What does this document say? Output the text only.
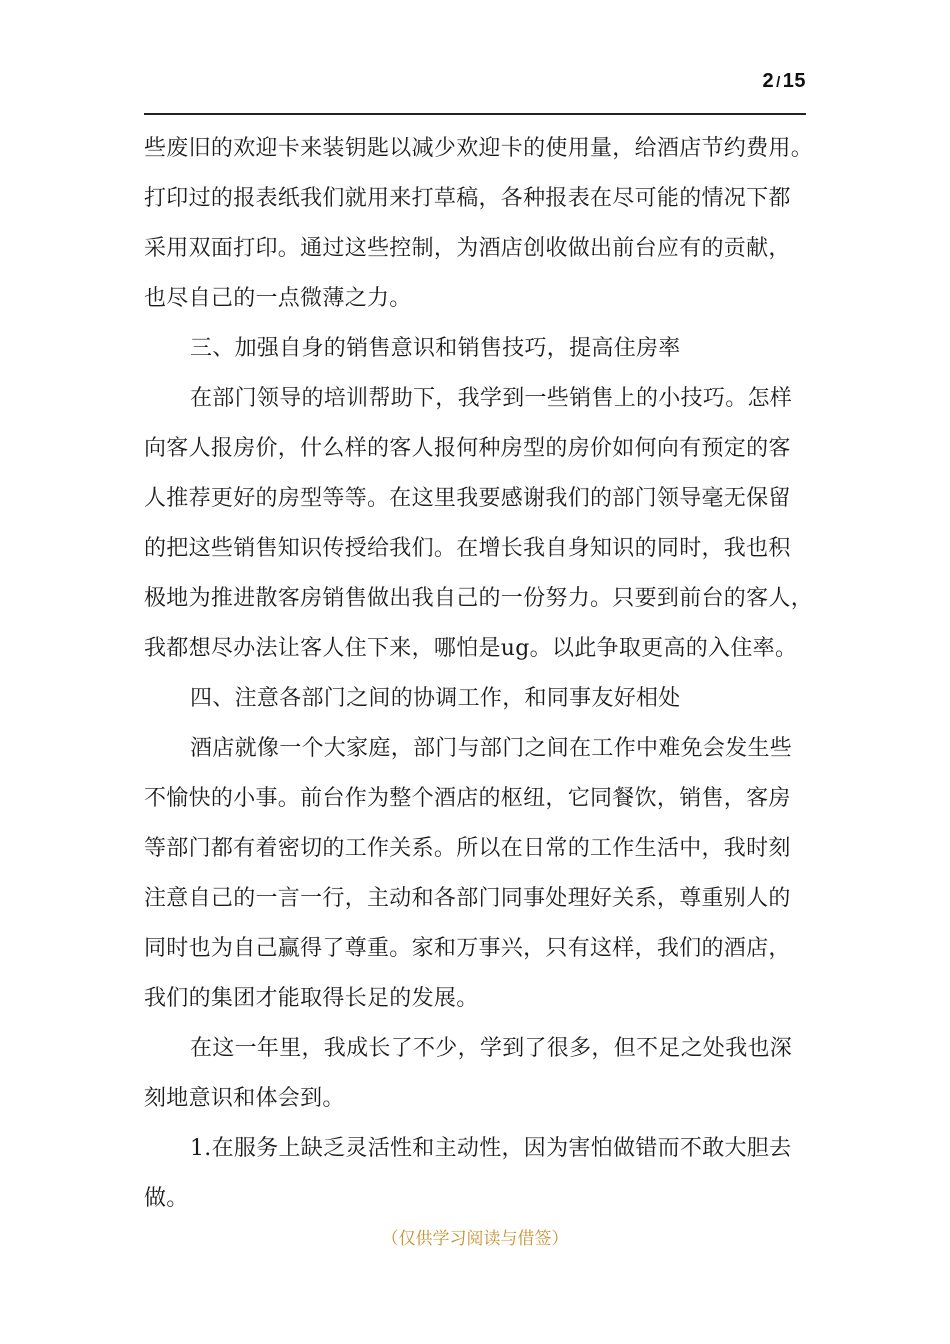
2 / 15
些废旧的欢迎卡来装钥匙以减少欢迎卡的使用量，给酒店节约费用。
打印过的报表纸我们就用来打草稿，各种报表在尽可能的情况下都
采用双面打印。通过这些控制，为酒店创收做出前台应有的贡献，
也尽自己的一点微薄之力。
三、加强自身的销售意识和销售技巧，提高住房率
在部门领导的培训帮助下，我学到一些销售上的小技巧。怎样
向客人报房价，什么样的客人报何种房型的房价如何向有预定的客
人推荐更好的房型等等。在这里我要感谢我们的部门领导毫无保留
的把这些销售知识传授给我们。在增长我自身知识的同时，我也积
极地为推进散客房销售做出我自己的一份努力。只要到前台的客人，
我都想尽办法让客人住下来，哪怕是ug。以此争取更高的入住率。
四、注意各部门之间的协调工作，和同事友好相处
酒店就像一个大家庭，部门与部门之间在工作中难免会发生些
不愉快的小事。前台作为整个酒店的枢纽，它同餐饮，销售，客房
等部门都有着密切的工作关系。所以在日常的工作生活中，我时刻
注意自己的一言一行，主动和各部门同事处理好关系，尊重别人的
同时也为自己赢得了尊重。家和万事兴，只有这样，我们的酒店，
我们的集团才能取得长足的发展。
在这一年里，我成长了不少，学到了很多，但不足之处我也深
刻地意识和体会到。
1.在服务上缺乏灵活性和主动性，因为害怕做错而不敢大胆去
做。
（仅供学习阅读与借签）
